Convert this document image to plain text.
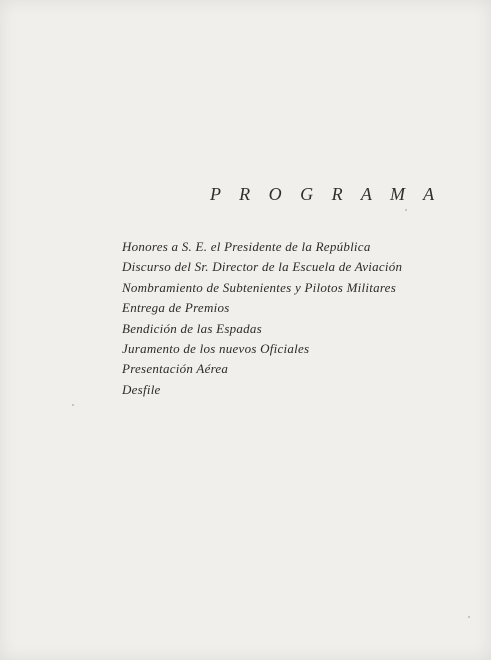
P R O G R A M A
Honores a S. E. el Presidente de la República
Discurso del Sr. Director de la Escuela de Aviación
Nombramiento de Subtenientes y Pilotos Militares
Entrega de Premios
Bendición de las Espadas
Juramento de los nuevos Oficiales
Presentación Aérea
Desfile
